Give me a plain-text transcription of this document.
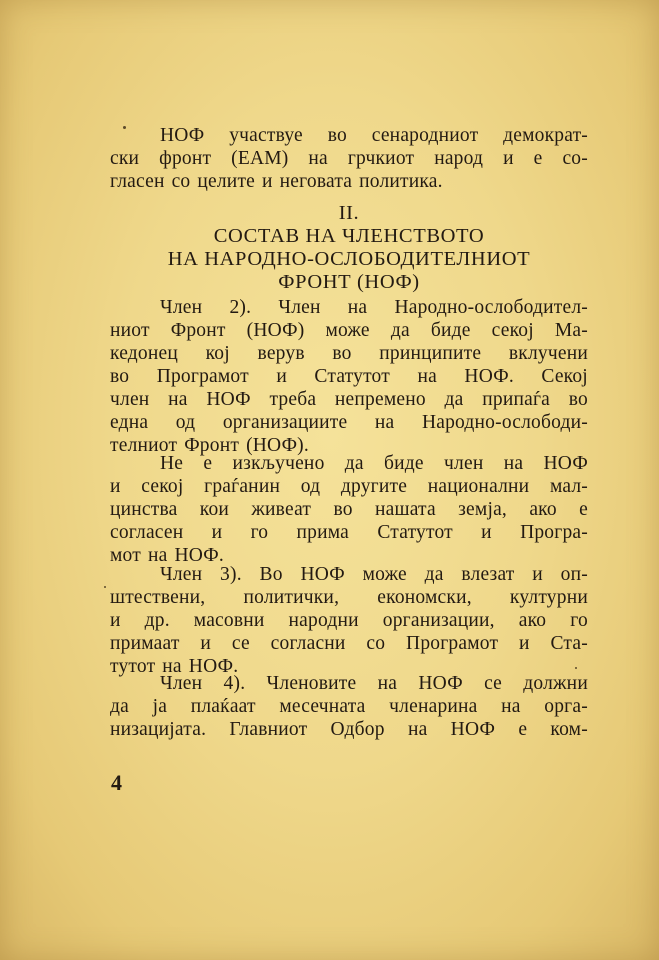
НОФ участвуе во сенародниот демократ-
ски фронт (ЕАМ) на грчкиот народ и е со-
гласен со целите и неговата политика.
II.
СОСТАВ НА ЧЛЕНСТВОТО
НА НАРОДНО-ОСЛОБОДИТЕЛНИОТ
ФРОНТ (НОФ)
Член 2). Член на Народно-ослободител-
ниот Фронт (НОФ) може да биде секој Ма-
кедонец кој верув во принципите вклучени
во Програмот и Статутот на НОФ. Секој
член на НОФ треба непремено да припаѓа во
една од организациите на Народно-ослободи-
телниот Фронт (НОФ).
Не е изкључено да биде член на НОФ
и секој граѓанин од другите национални мал-
цинства кои живеат во нашата земја, ако е
согласен и го прима Статутот и Програ-
мот на НОФ.
Член 3). Во НОФ може да влезат и оп-
штествени, политички, економски, културни
и др. масовни народни организации, ако го
примаат и се согласни со Програмот и Ста-
тутот на НОФ.
Член 4). Членовите на НОФ се должни
да ја плаќаат месечната членарина на орга-
низацијата. Главниот Одбор на НОФ е ком-
4
